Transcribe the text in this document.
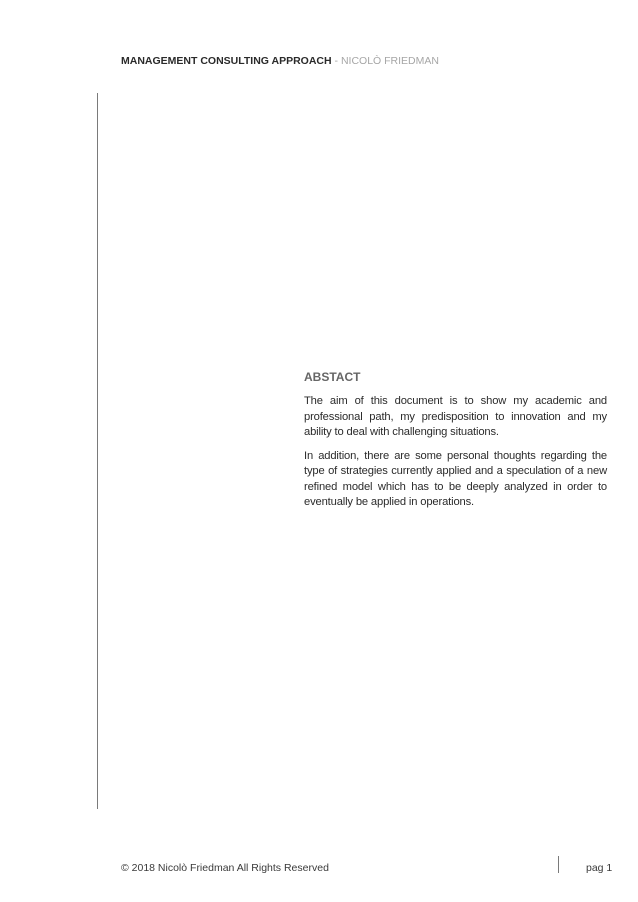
MANAGEMENT CONSULTING APPROACH - NICOLÒ FRIEDMAN
ABSTACT

The aim of this document is to show my academic and professional path, my predisposition to innovation and my ability to deal with challenging situations.

In addition, there are some personal thoughts regarding the type of strategies currently applied and a speculation of a new refined model which has to be deeply analyzed in order to eventually be applied in operations.

© 2018 Nicolò Friedman All Rights Reserved	pag 1
